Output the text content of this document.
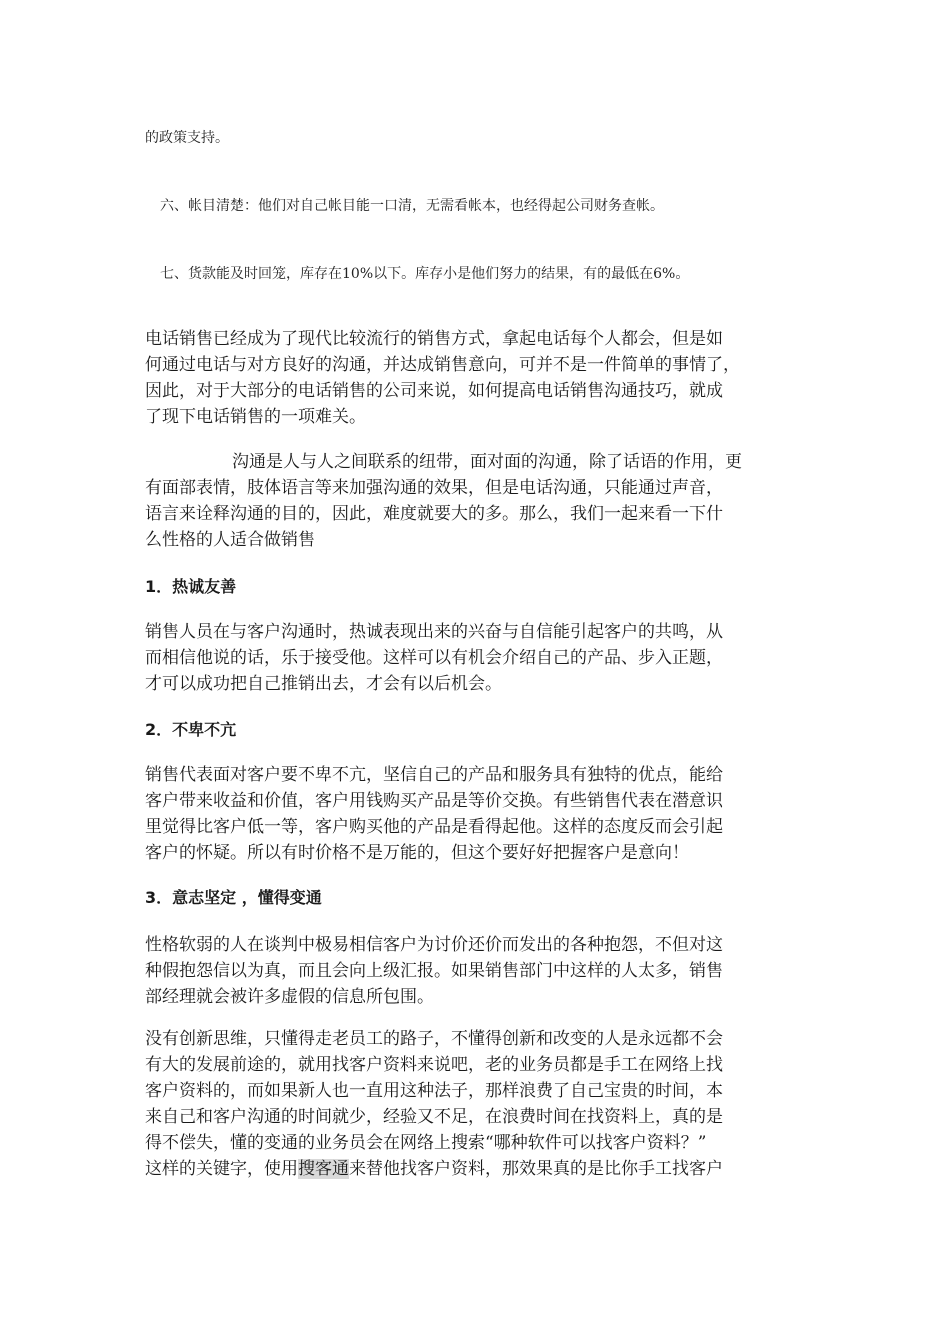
的政策支持。
六、帐目清楚：他们对自己帐目能一口清，无需看帐本，也经得起公司财务查帐。
七、货款能及时回笼，库存在10%以下。库存小是他们努力的结果，有的最低在6%。
电话销售已经成为了现代比较流行的销售方式，拿起电话每个人都会，但是如
何通过电话与对方良好的沟通，并达成销售意向，可并不是一件简单的事情了，
因此，对于大部分的电话销售的公司来说，如何提高电话销售沟通技巧，就成
了现下电话销售的一项难关。
沟通是人与人之间联系的纽带，面对面的沟通，除了话语的作用，更
有面部表情，肢体语言等来加强沟通的效果，但是电话沟通，只能通过声音，
语言来诠释沟通的目的，因此，难度就要大的多。那么，我们一起来看一下什
么性格的人适合做销售
1．热诚友善
销售人员在与客户沟通时，热诚表现出来的兴奋与自信能引起客户的共鸣，从
而相信他说的话，乐于接受他。这样可以有机会介绍自己的产品、步入正题，
才可以成功把自己推销出去，才会有以后机会。
2．不卑不亢
销售代表面对客户要不卑不亢，坚信自己的产品和服务具有独特的优点，能给
客户带来收益和价值，客户用钱购买产品是等价交换。有些销售代表在潜意识
里觉得比客户低一等，客户购买他的产品是看得起他。这样的态度反而会引起
客户的怀疑。所以有时价格不是万能的，但这个要好好把握客户是意向！
3．意志坚定 ，懂得变通
性格软弱的人在谈判中极易相信客户为讨价还价而发出的各种抱怨，不但对这
种假抱怨信以为真，而且会向上级汇报。如果销售部门中这样的人太多，销售
部经理就会被许多虚假的信息所包围。
没有创新思维，只懂得走老员工的路子，不懂得创新和改变的人是永远都不会
有大的发展前途的，就用找客户资料来说吧，老的业务员都是手工在网络上找
客户资料的，而如果新人也一直用这种法子，那样浪费了自己宝贵的时间，本
来自己和客户沟通的时间就少，经验又不足，在浪费时间在找资料上，真的是
得不偿失，懂的变通的业务员会在网络上搜索“哪种软件可以找客户资料？”
这样的关键字，使用搜客通来替他找客户资料，那效果真的是比你手工找客户
